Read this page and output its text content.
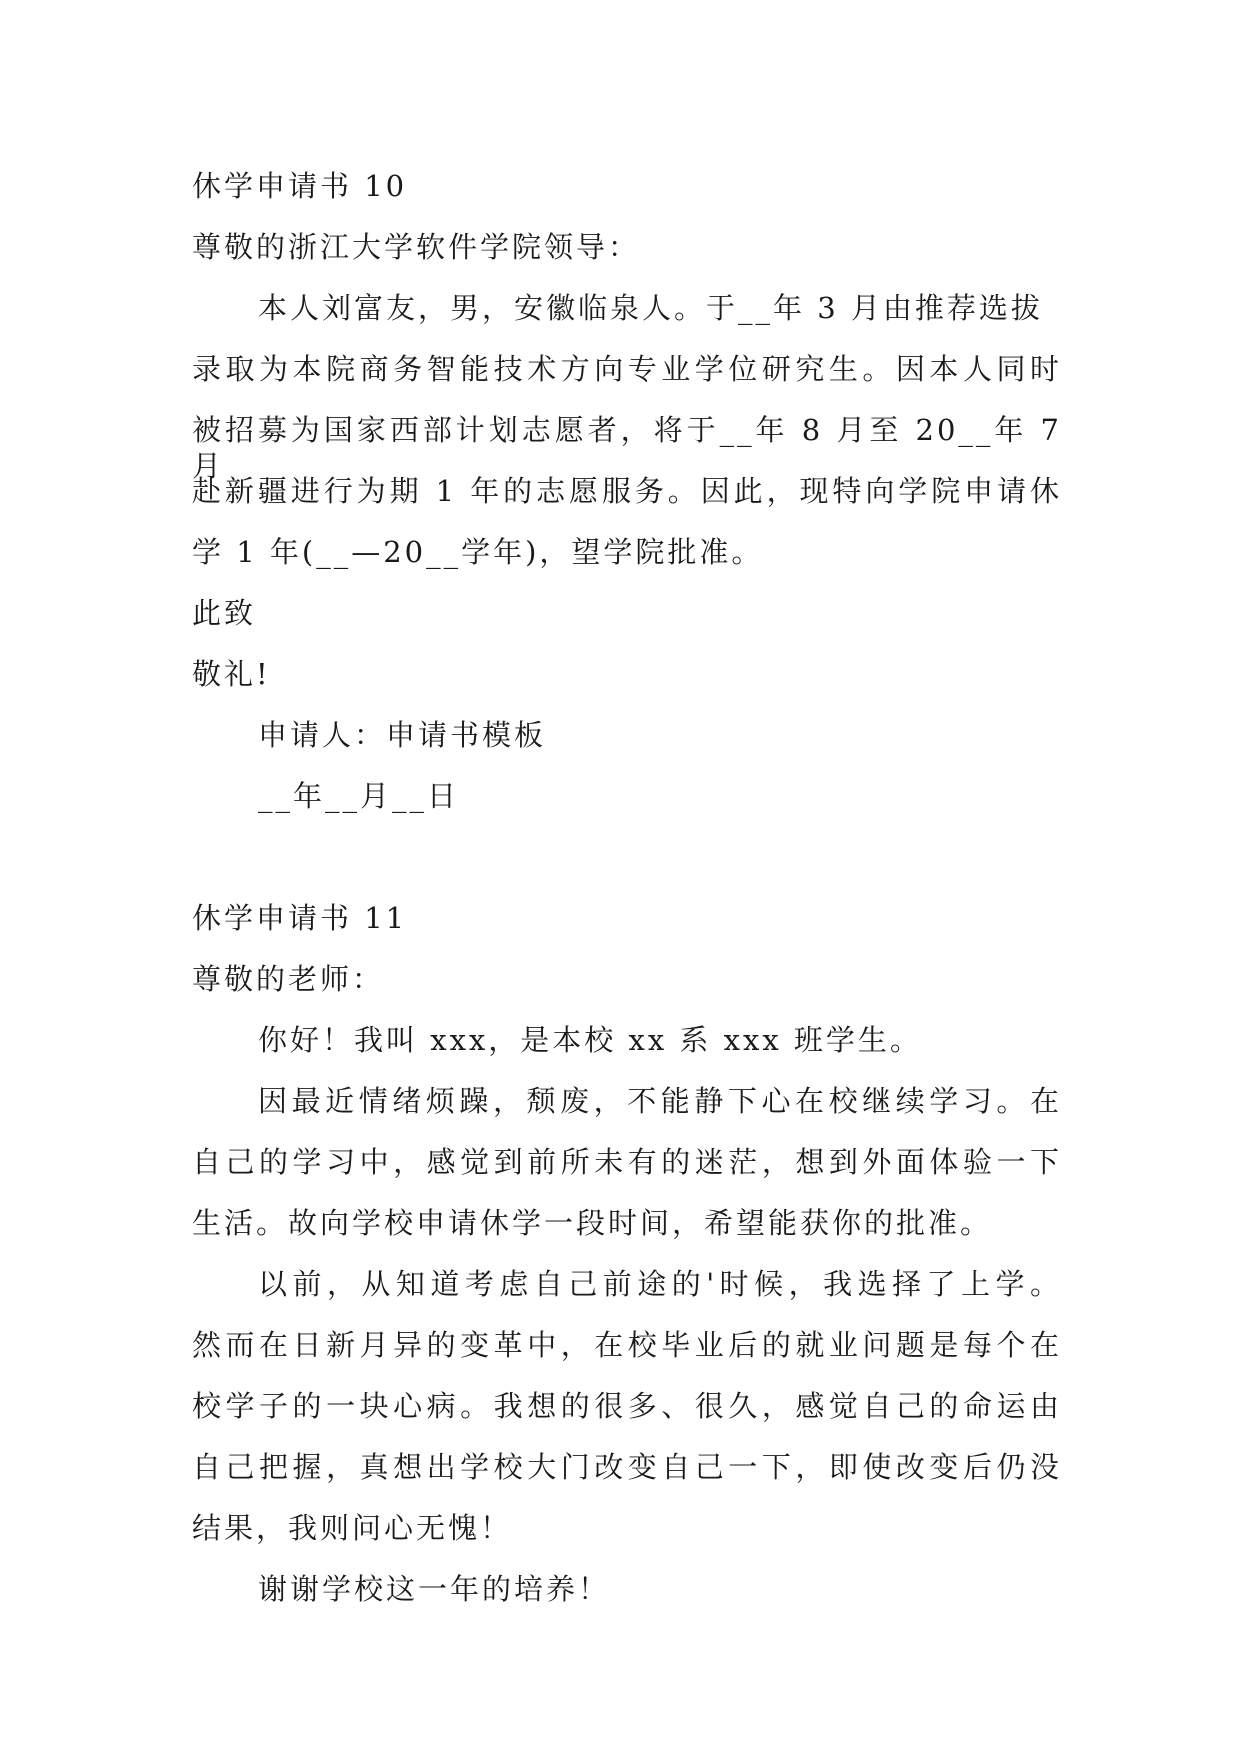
休学申请书 10
尊敬的浙江大学软件学院领导：
本人刘富友，男，安徽临泉人。于__年 3 月由推荐选拔
录取为本院商务智能技术方向专业学位研究生。因本人同时
被招募为国家西部计划志愿者，将于__年 8 月至 20__年 7 月
赴新疆进行为期 1 年的志愿服务。因此，现特向学院申请休
学 1 年(__—20__学年)，望学院批准。
此致
敬礼!
申请人：申请书模板
__年__月__日
休学申请书 11
尊敬的老师：
你好！我叫 xxx，是本校 xx 系 xxx 班学生。
因最近情绪烦躁，颓废，不能静下心在校继续学习。在
自己的学习中，感觉到前所未有的迷茫，想到外面体验一下
生活。故向学校申请休学一段时间，希望能获你的批准。
以前，从知道考虑自己前途的'时候，我选择了上学。
然而在日新月异的变革中，在校毕业后的就业问题是每个在
校学子的一块心病。我想的很多、很久，感觉自己的命运由
自己把握，真想出学校大门改变自己一下，即使改变后仍没
结果，我则问心无愧！
谢谢学校这一年的培养！
